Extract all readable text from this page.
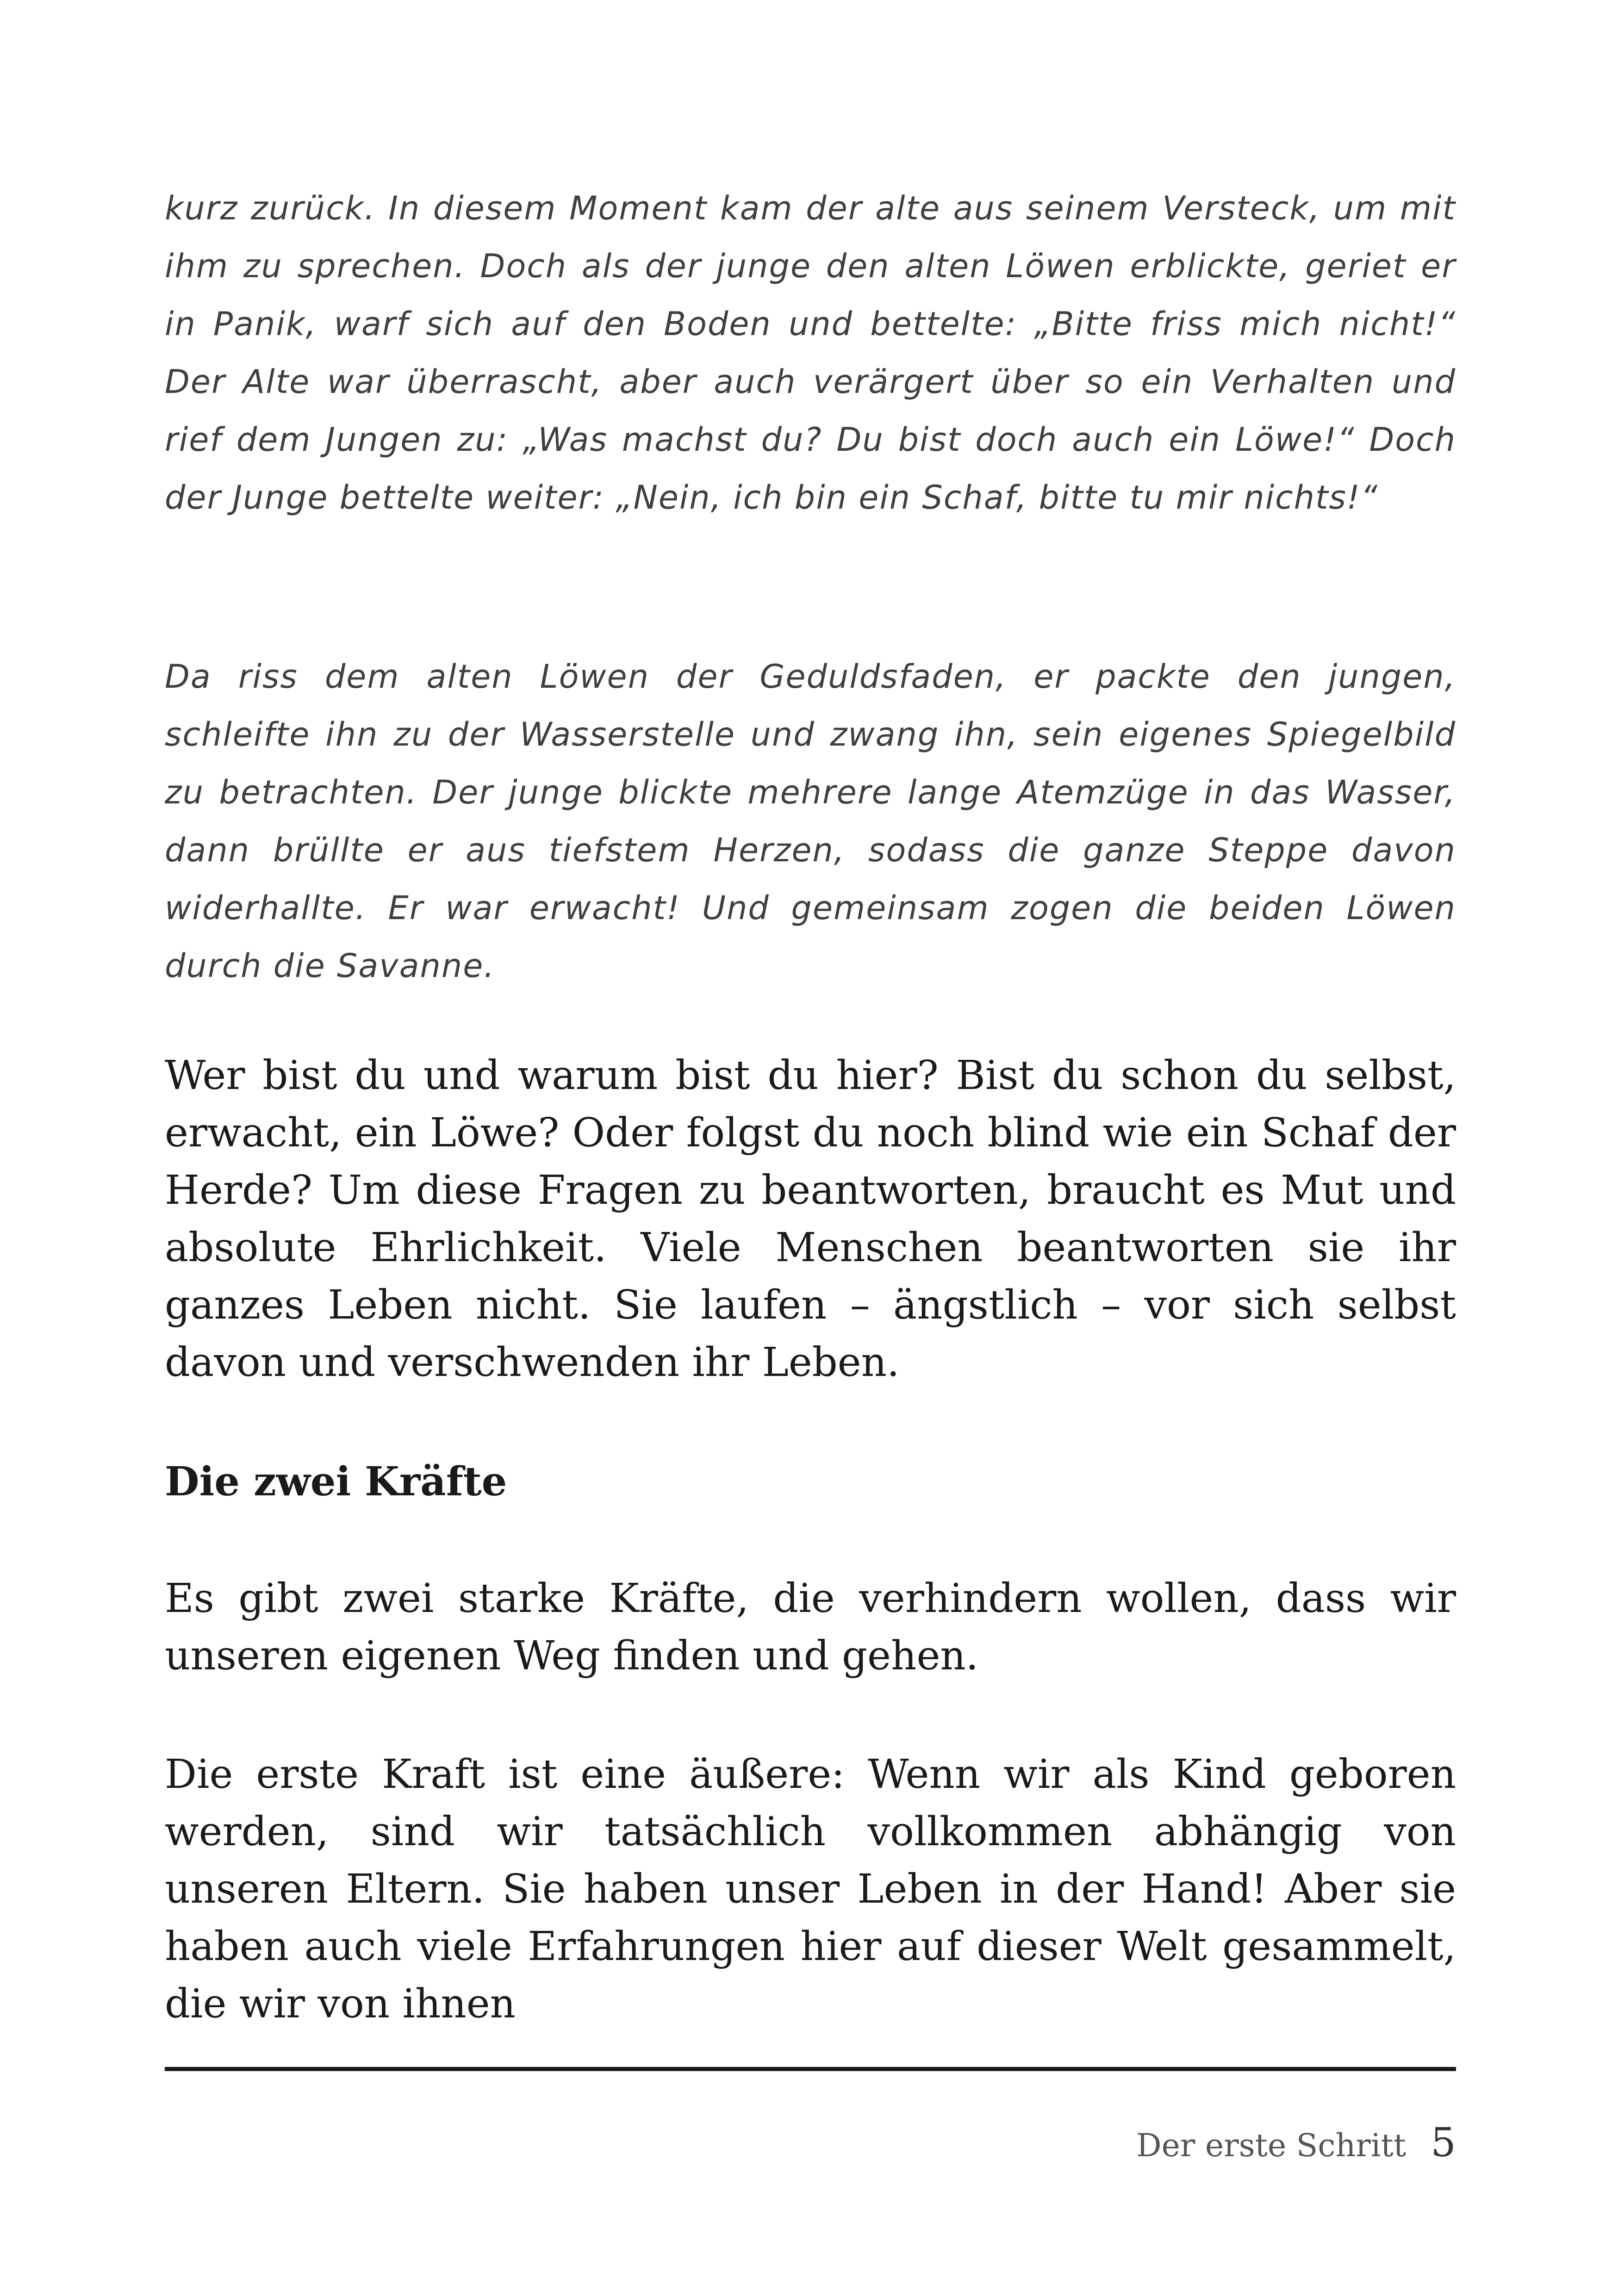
kurz zurück. In diesem Moment kam der alte aus seinem Versteck, um mit ihm zu sprechen. Doch als der junge den alten Löwen erblickte, geriet er in Panik, warf sich auf den Boden und bettelte: „Bitte friss mich nicht!“ Der Alte war überrascht, aber auch verärgert über so ein Verhalten und rief dem Jungen zu: „Was machst du? Du bist doch auch ein Löwe!“ Doch der Junge bettelte weiter: „Nein, ich bin ein Schaf, bitte tu mir nichts!“

Da riss dem alten Löwen der Geduldsfaden, er packte den jungen, schleifte ihn zu der Wasserstelle und zwang ihn, sein eigenes Spiegelbild zu betrachten. Der junge blickte mehrere lange Atemzüge in das Wasser, dann brüllte er aus tiefstem Herzen, sodass die ganze Steppe davon widerhallte. Er war erwacht! Und gemeinsam zogen die beiden Löwen durch die Savanne.

Wer bist du und warum bist du hier? Bist du schon du selbst, erwacht, ein Löwe? Oder folgst du noch blind wie ein Schaf der Herde? Um diese Fragen zu beantworten, braucht es Mut und absolute Ehrlichkeit. Viele Menschen beantworten sie ihr ganzes Leben nicht. Sie laufen – ängstlich – vor sich selbst davon und verschwenden ihr Leben.

Die zwei Kräfte

Es gibt zwei starke Kräfte, die verhindern wollen, dass wir unseren eigenen Weg finden und gehen.

Die erste Kraft ist eine äußere: Wenn wir als Kind geboren werden, sind wir tatsächlich vollkommen abhängig von unseren Eltern. Sie haben unser Leben in der Hand! Aber sie haben auch viele Erfahrungen hier auf dieser Welt gesammelt, die wir von ihnen

Der erste Schritt 5
